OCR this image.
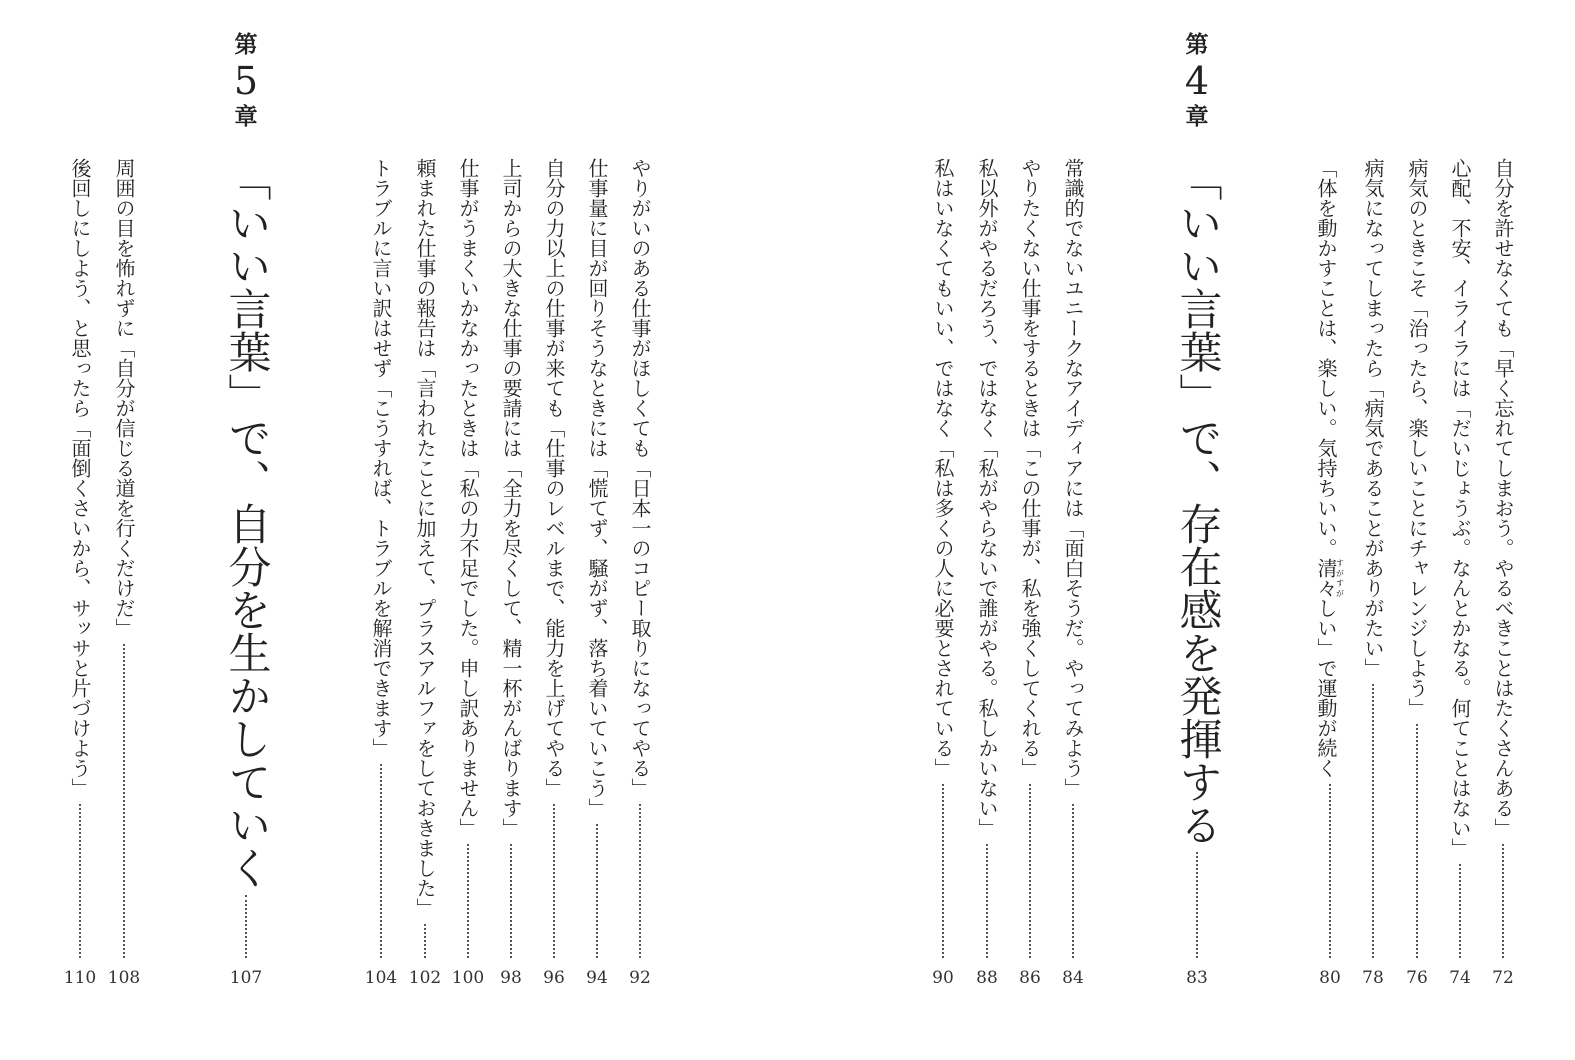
第
4
章
自分を許せなくても「早く忘れてしまおう。やるべきことはたくさんある」
72
心配、不安、イライラには「だいじょうぶ。なんとかなる。何てことはない」
74
病気のときこそ「治ったら、楽しいことにチャレンジしよう」
76
病気になってしまったら「病気であることがありがたい」
78
「体を動かすことは、楽しい。気持ちいい。清々すがすがしい」で運動が続く
80
「いい言葉」で、存在感を発揮する
83
常識的でないユニークなアイディアには「面白そうだ。やってみよう」
84
やりたくない仕事をするときは「この仕事が、私を強くしてくれる」
86
私以外がやるだろう、ではなく「私がやらないで誰がやる。私しかいない」
88
私はいなくてもいい、ではなく「私は多くの人に必要とされている」
90
第
5
章
やりがいのある仕事がほしくても「日本一のコピー取りになってやる」
92
仕事量に目が回りそうなときには「慌てず、騒がず、落ち着いていこう」
94
自分の力以上の仕事が来ても「仕事のレベルまで、能力を上げてやる」
96
上司からの大きな仕事の要請には「全力を尽くして、精一杯がんばります」
98
仕事がうまくいかなかったときは「私の力不足でした。申し訳ありません」
100
頼まれた仕事の報告は「言われたことに加えて、プラスアルファをしておきました」
102
トラブルに言い訳はせず「こうすれば、トラブルを解消できます」
104
「いい言葉」で、自分を生かしていく
107
周囲の目を怖れずに「自分が信じる道を行くだけだ」
108
後回しにしよう、と思ったら「面倒くさいから、サッサと片づけよう」
110
